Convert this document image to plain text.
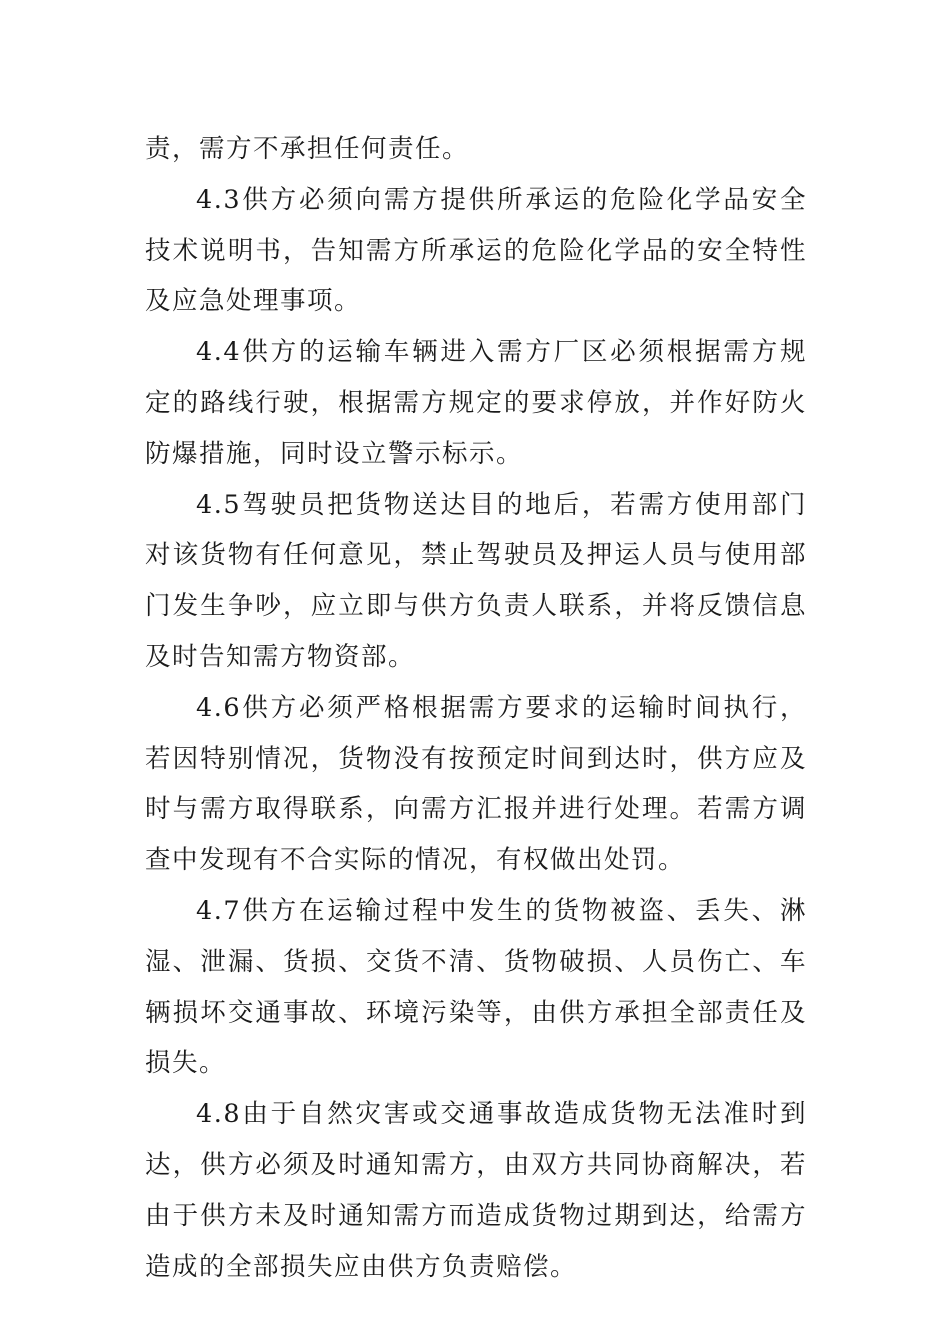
责，需方不承担任何责任。

4.3供方必须向需方提供所承运的危险化学品安全技术说明书，告知需方所承运的危险化学品的安全特性及应急处理事项。

4.4供方的运输车辆进入需方厂区必须根据需方规定的路线行驶，根据需方规定的要求停放，并作好防火防爆措施，同时设立警示标示。

4.5驾驶员把货物送达目的地后，若需方使用部门对该货物有任何意见，禁止驾驶员及押运人员与使用部门发生争吵，应立即与供方负责人联系，并将反馈信息及时告知需方物资部。

4.6供方必须严格根据需方要求的运输时间执行，若因特别情况，货物没有按预定时间到达时，供方应及时与需方取得联系，向需方汇报并进行处理。若需方调查中发现有不合实际的情况，有权做出处罚。

4.7供方在运输过程中发生的货物被盗、丢失、淋湿、泄漏、货损、交货不清、货物破损、人员伤亡、车辆损坏交通事故、环境污染等，由供方承担全部责任及损失。

4.8由于自然灾害或交通事故造成货物无法准时到达，供方必须及时通知需方，由双方共同协商解决，若由于供方未及时通知需方而造成货物过期到达，给需方造成的全部损失应由供方负责赔偿。
